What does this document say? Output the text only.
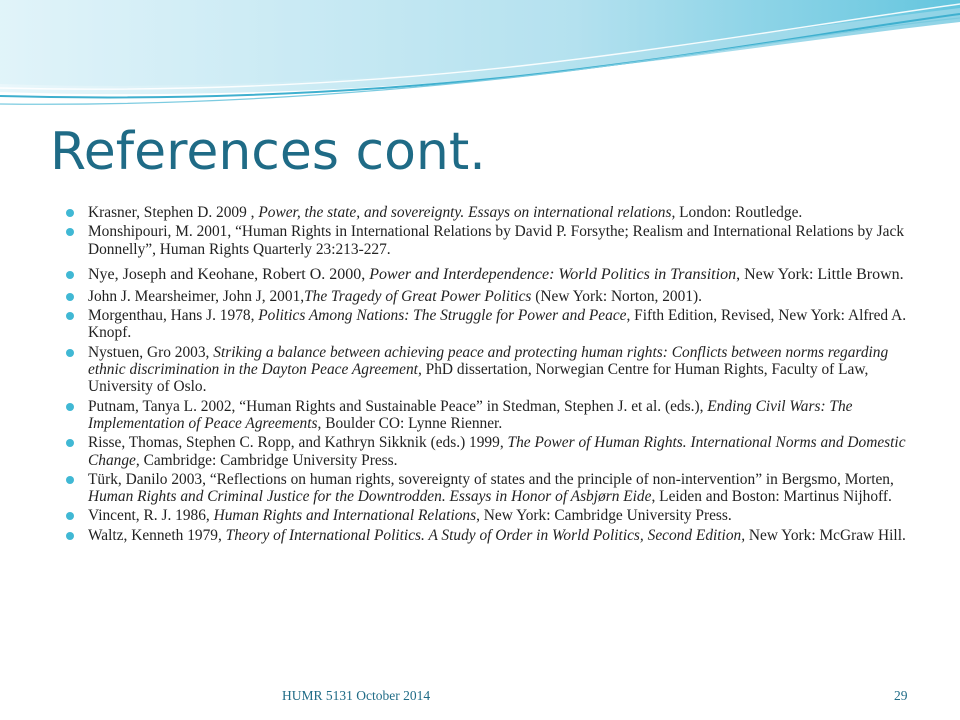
References cont.
Krasner, Stephen D. 2009 , Power, the state, and sovereignty. Essays on international relations, London: Routledge.
Monshipouri, M. 2001, “Human Rights in International Relations by David P. Forsythe; Realism and International Relations by Jack Donnelly”, Human Rights Quarterly 23:213-227.
Nye, Joseph and Keohane, Robert O. 2000, Power and Interdependence: World Politics in Transition, New York: Little Brown.
John J. Mearsheimer, John J, 2001,The Tragedy of Great Power Politics (New York: Norton, 2001).
Morgenthau, Hans J. 1978, Politics Among Nations: The Struggle for Power and Peace, Fifth Edition, Revised, New York: Alfred A. Knopf.
Nystuen, Gro 2003, Striking a balance between achieving peace and protecting human rights: Conflicts between norms regarding ethnic discrimination in the Dayton Peace Agreement, PhD dissertation, Norwegian Centre for Human Rights, Faculty of Law, University of Oslo.
Putnam, Tanya L. 2002, “Human Rights and Sustainable Peace” in Stedman, Stephen J. et al. (eds.), Ending Civil Wars: The Implementation of Peace Agreements, Boulder CO: Lynne Rienner.
Risse, Thomas, Stephen C. Ropp, and Kathryn Sikknik (eds.) 1999, The Power of Human Rights. International Norms and Domestic Change, Cambridge: Cambridge University Press.
Türk, Danilo 2003, “Reflections on human rights, sovereignty of states and the principle of non-intervention” in Bergsmo, Morten, Human Rights and Criminal Justice for the Downtrodden. Essays in Honor of Asbjørn Eide, Leiden and Boston: Martinus Nijhoff.
Vincent, R. J. 1986, Human Rights and International Relations, New York: Cambridge University Press.
Waltz, Kenneth 1979, Theory of International Politics. A Study of Order in World Politics, Second Edition, New York: McGraw Hill.
HUMR 5131 October 2014	29
